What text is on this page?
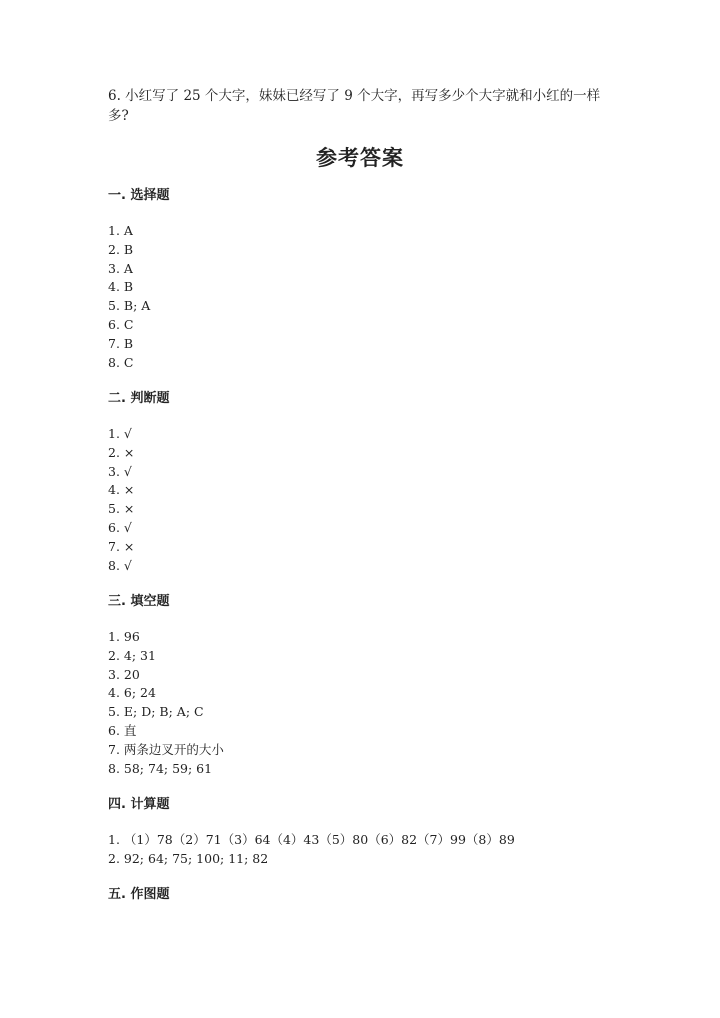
6. 小红写了 25 个大字，妹妹已经写了 9 个大字，再写多少个大字就和小红的一样多?
参考答案
一. 选择题
1. A
2. B
3. A
4. B
5. B; A
6. C
7. B
8. C
二. 判断题
1. √
2. ×
3. √
4. ×
5. ×
6. √
7. ×
8. √
三. 填空题
1. 96
2. 4; 31
3. 20
4. 6; 24
5. E; D; B; A; C
6. 直
7. 两条边叉开的大小
8. 58; 74; 59; 61
四. 计算题
1. （1）78（2）71（3）64（4）43（5）80（6）82（7）99（8）89
2. 92; 64; 75; 100; 11; 82
五. 作图题
